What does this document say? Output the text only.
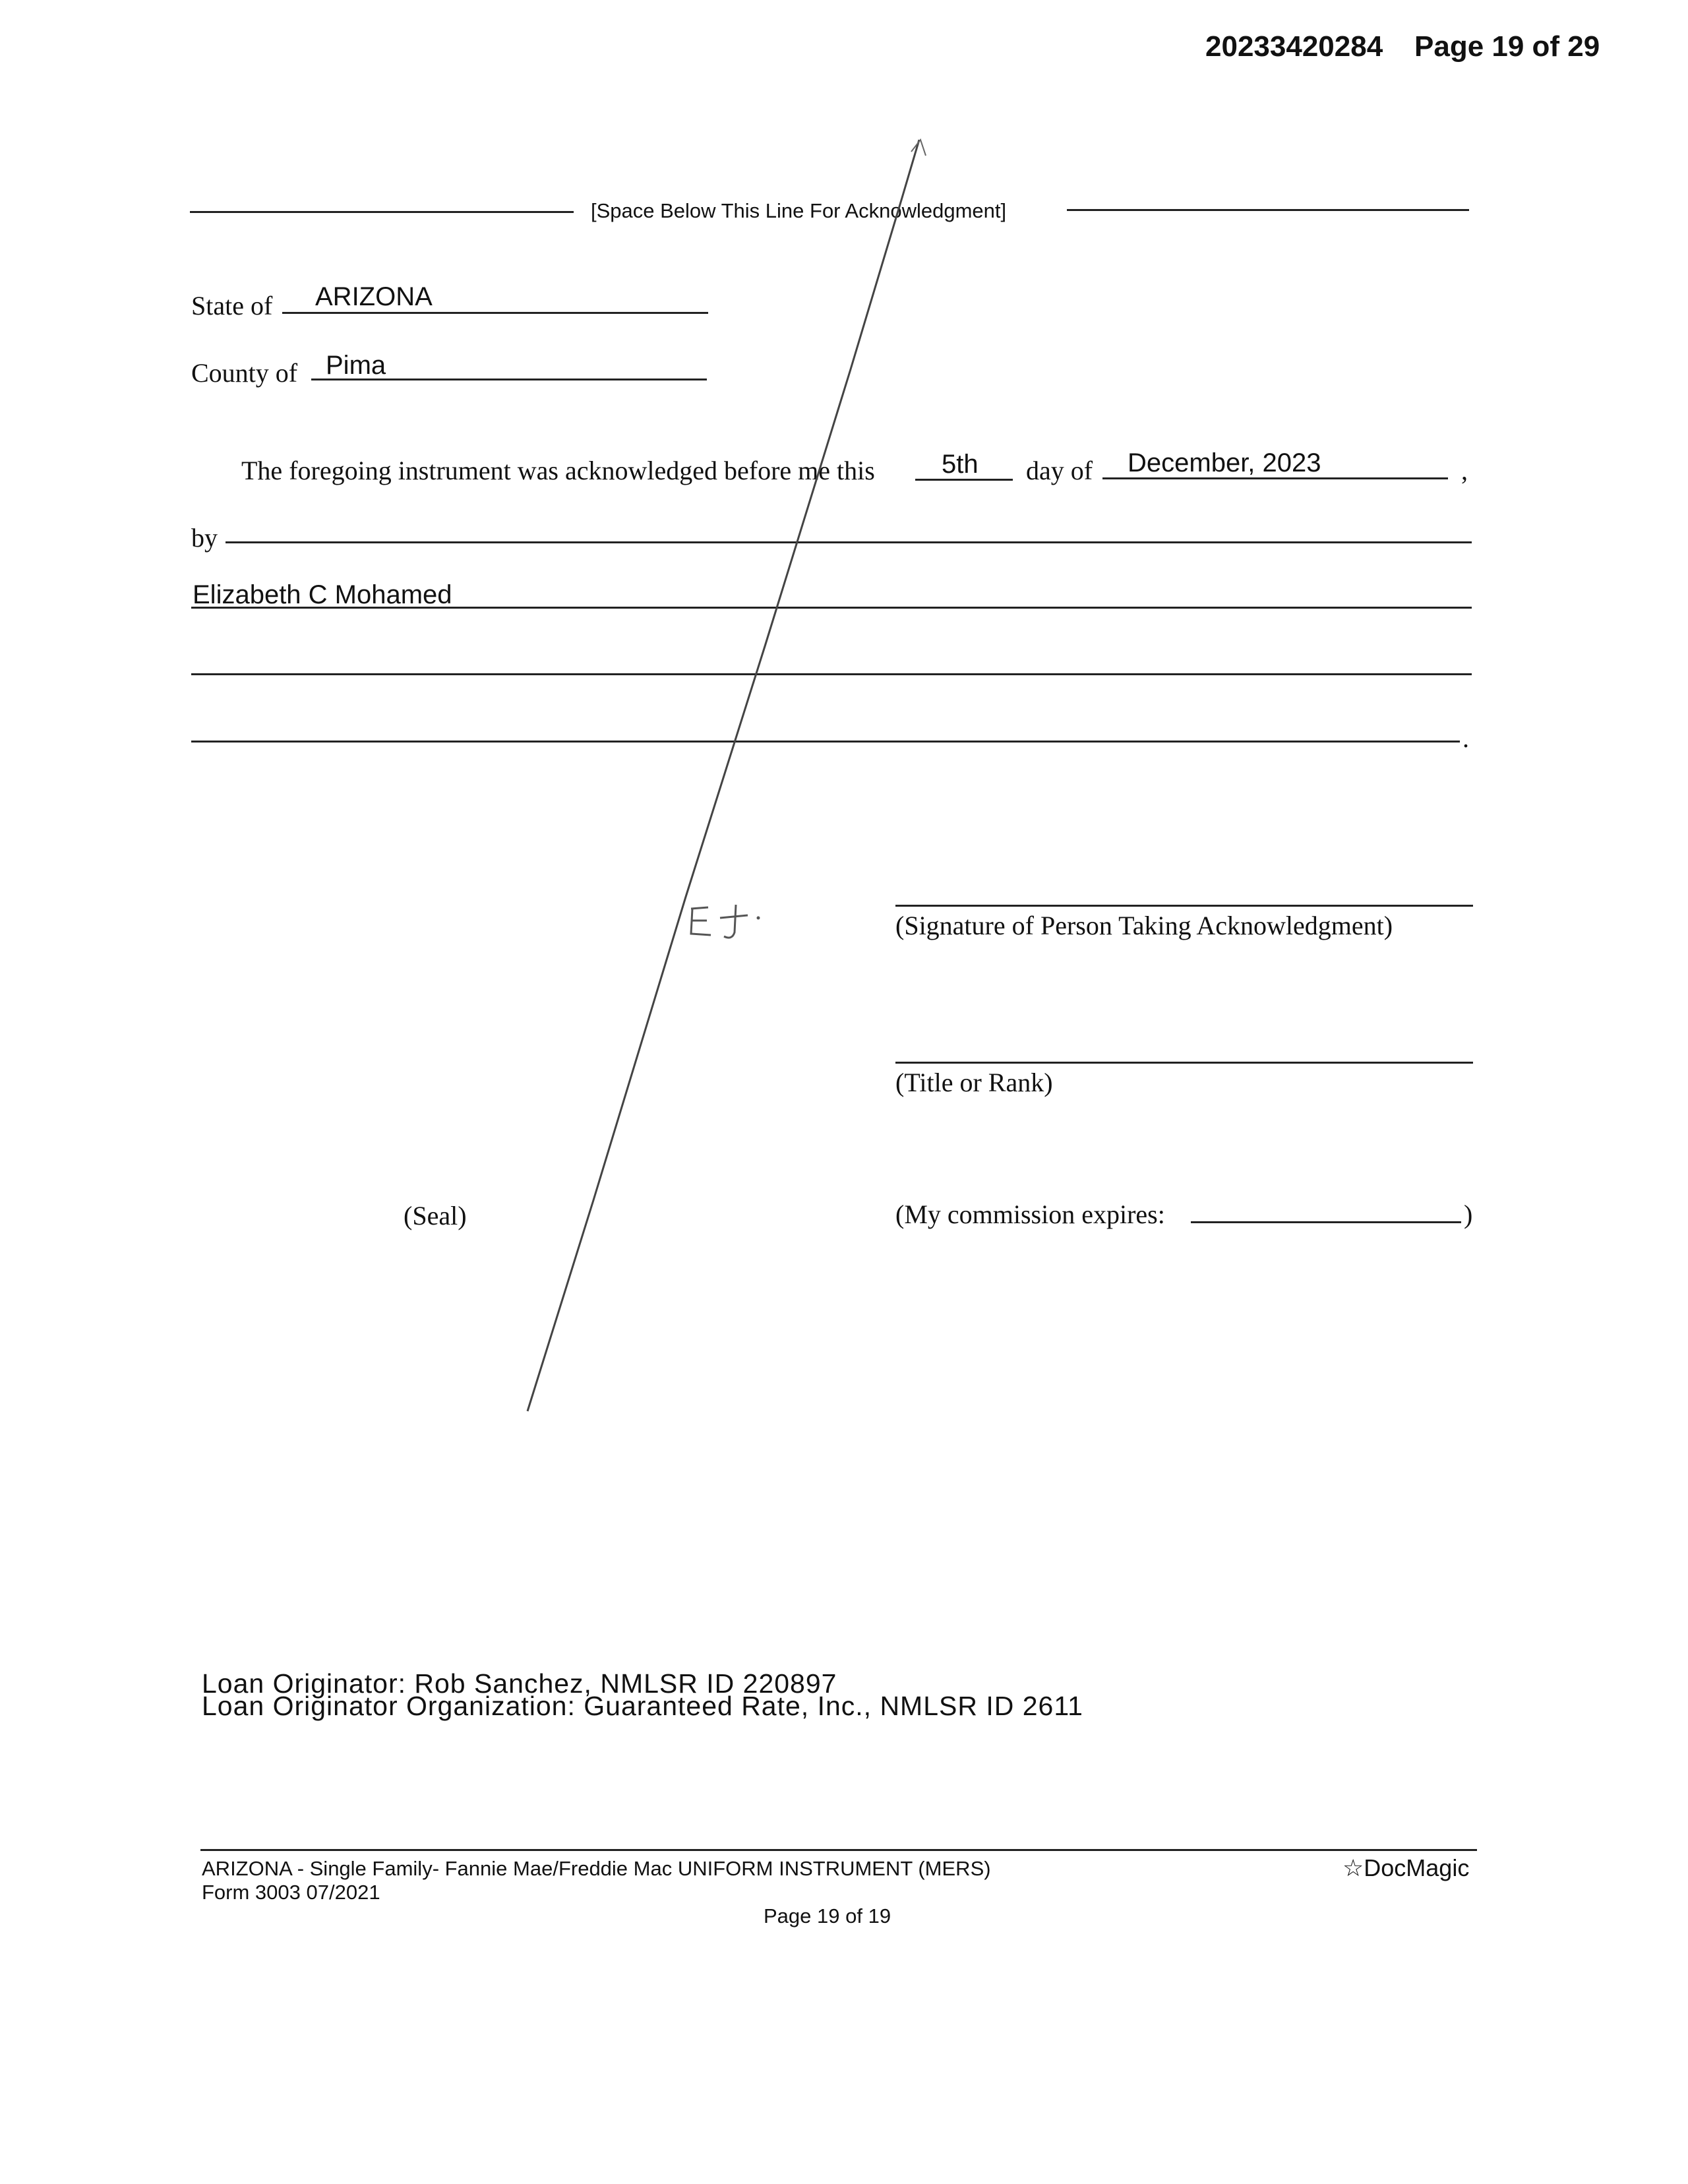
20233420284 Page 19 of 29
[Space Below This Line For Acknowledgment]
State of ARIZONA
County of Pima
The foregoing instrument was acknowledged before me this	5th day of December, 2023	,
by
Elizabeth C Mohamed
.
(Signature of Person Taking Acknowledgment)
(Title or Rank)
(Seal)	(My commission expires:	)
Loan Originator: Rob Sanchez, NMLSR ID 220897
Loan Originator Organization: Guaranteed Rate, Inc., NMLSR ID 2611
ARIZONA - Single Family- Fannie Mae/Freddie Mac UNIFORM INSTRUMENT (MERS)
Form 3003 07/2021
Page 19 of 19
☆DocMagic
